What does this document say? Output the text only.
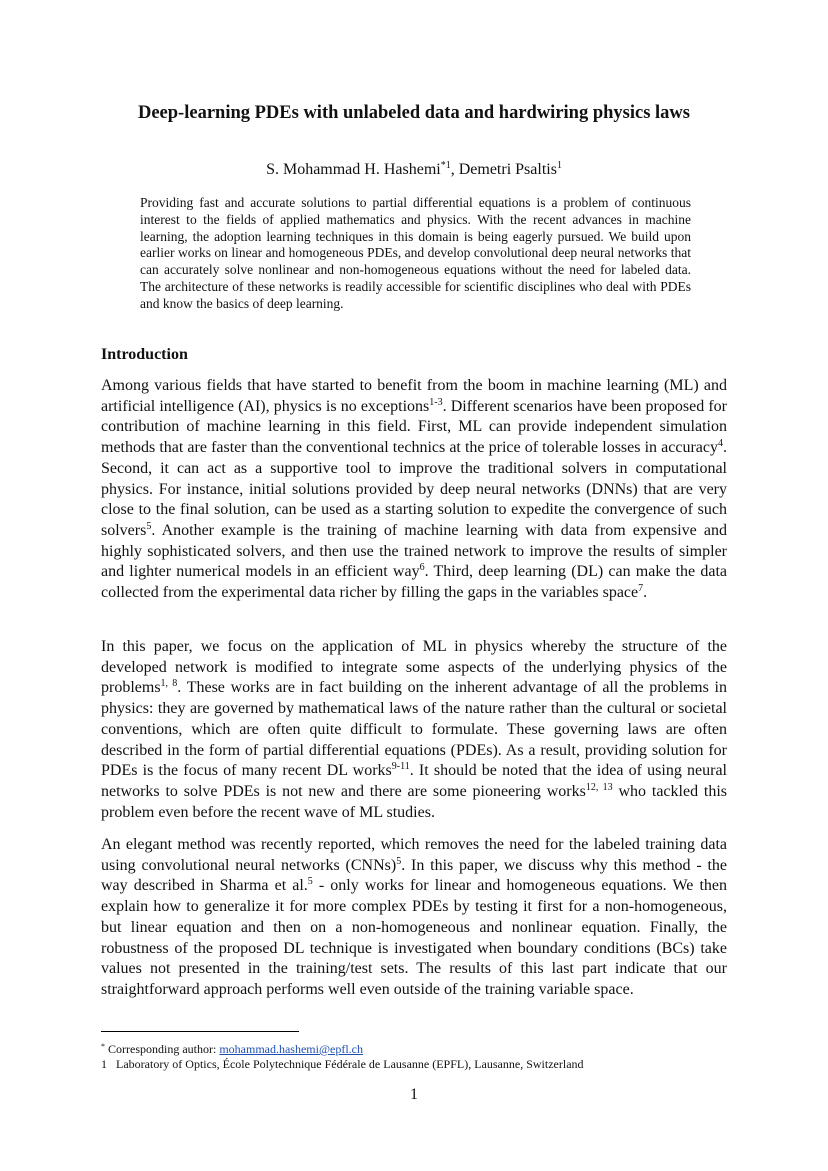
Deep-learning PDEs with unlabeled data and hardwiring physics laws
S. Mohammad H. Hashemi$^{*1}$, Demetri Psaltis$^1$

Providing fast and accurate solutions to partial differential equations is a problem of continuous interest to the fields of applied mathematics and physics. With the recent advances in machine learning, the adoption learning techniques in this domain is being eagerly pursued. We build upon earlier works on linear and homogeneous PDEs, and develop convolutional deep neural networks that can accurately solve nonlinear and non-homogeneous equations without the need for labeled data. The architecture of these networks is readily accessible for scientific disciplines who deal with PDEs and know the basics of deep learning.

Introduction

Among various fields that have started to benefit from the boom in machine learning (ML) and artificial intelligence (AI), physics is no exceptions$^{1-3}$. Different scenarios have been proposed for contribution of machine learning in this field. First, ML can provide independent simulation methods that are faster than the conventional technics at the price of tolerable losses in accuracy$^4$. Second, it can act as a supportive tool to improve the traditional solvers in computational physics. For instance, initial solutions provided by deep neural networks (DNNs) that are very close to the final solution, can be used as a starting solution to expedite the convergence of such solvers$^5$. Another example is the training of machine learning with data from expensive and highly sophisticated solvers, and then use the trained network to improve the results of simpler and lighter numerical models in an efficient way$^6$. Third, deep learning (DL) can make the data collected from the experimental data richer by filling the gaps in the variables space$^7$.

In this paper, we focus on the application of ML in physics whereby the structure of the developed network is modified to integrate some aspects of the underlying physics of the problems$^{1, 8}$. These works are in fact building on the inherent advantage of all the problems in physics: they are governed by mathematical laws of the nature rather than the cultural or societal conventions, which are often quite difficult to formulate. These governing laws are often described in the form of partial differential equations (PDEs). As a result, providing solution for PDEs is the focus of many recent DL works$^{9-11}$. It should be noted that the idea of using neural networks to solve PDEs is not new and there are some pioneering works$^{12, 13}$ who tackled this problem even before the recent wave of ML studies.

An elegant method was recently reported, which removes the need for the labeled training data using convolutional neural networks (CNNs)$^5$. In this paper, we discuss why this method - the way described in Sharma et al.$^5$ - only works for linear and homogeneous equations. We then explain how to generalize it for more complex PDEs by testing it first for a non-homogeneous, but linear equation and then on a non-homogeneous and nonlinear equation. Finally, the robustness of the proposed DL technique is investigated when boundary conditions (BCs) take values not presented in the training/test sets. The results of this last part indicate that our straightforward approach performs well even outside of the training variable space.

* Corresponding author: mohammad.hashemi@epfl.ch
1 Laboratory of Optics, École Polytechnique Fédérale de Lausanne (EPFL), Lausanne, Switzerland
1
